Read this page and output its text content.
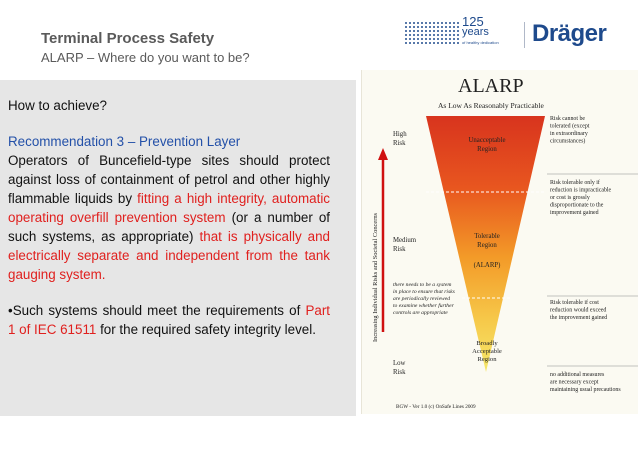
Terminal Process Safety
ALARP – Where do you want to be?
125
years
of healthy dedication Dräger

How to achieve?

Recommendation 3 – Prevention Layer

Operators of Buncefield-type sites should protect against loss of containment of petrol and other highly flammable liquids by fitting a high integrity, automatic operating overfill prevention system (or a number of such systems, as appropriate) that is physically and electrically separate and independent from the tank gauging system.

•Such systems should meet the requirements of Part 1 of IEC 61511 for the required safety integrity level.

ALARP
As Low As Reasonably Practicable
Increasing Individual Risks and Societal Concerns
High Risk
Medium Risk
Low Risk
Unacceptable Region
Tolerable Region
(ALARP)
Broadly Acceptable Region
there needs to be a system in place to ensure that risks are periodically reviewed to examine whether further controls are appropriate
Risk cannot be tolerated (except in extraordinary circumstances)
Risk tolerable only if reduction is impracticable or cost is grossly disproportionate to the improvement gained
Risk tolerable if cost reduction would exceed the improvement gained
no additional measures are necessary except maintaining usual precautions
BGW - Ver 1.0 (c) OnSafe Lines 2009
